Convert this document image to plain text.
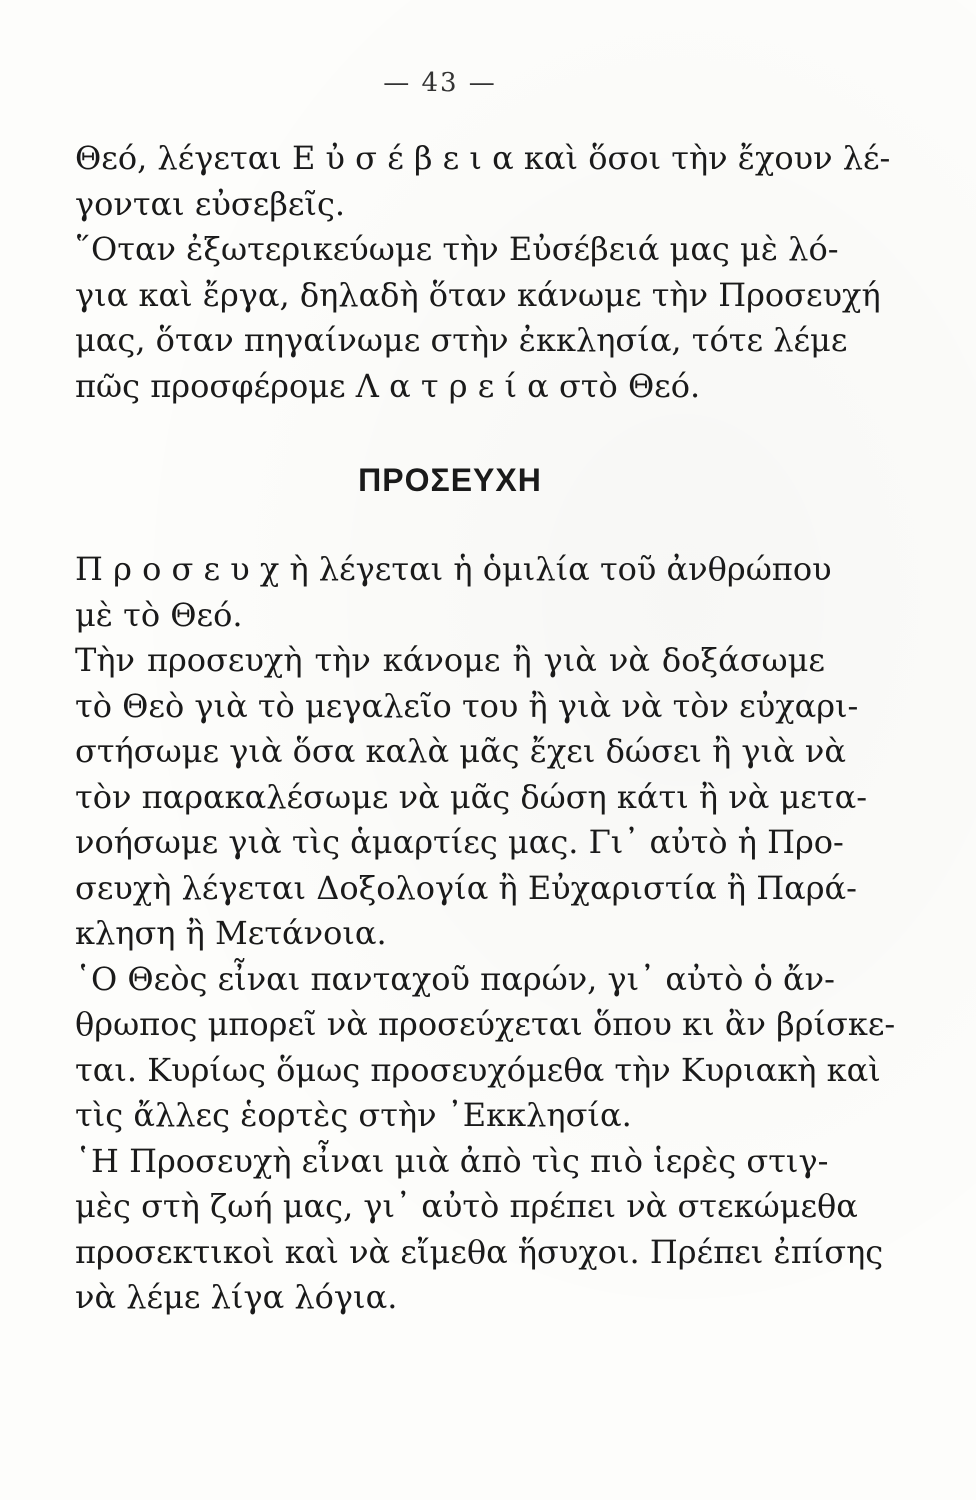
— 43 —
Θεό, λέγεται Ε ὐ σ έ β ε ι α καὶ ὅσοι τὴν ἔχουν λέ-
γονται εὐσεβεῖς.
῞Οταν ἐξωτερικεύωμε τὴν Εὐσέβειά μας μὲ λό-
για καὶ ἔργα, δηλαδὴ ὅταν κάνωμε τὴν Προσευχή
μας, ὅταν πηγαίνωμε στὴν ἐκκλησία, τότε λέμε
πῶς προσφέρομε Λ α τ ρ ε ί α στὸ Θεό.
ΠΡΟΣΕΥΧΗ
Π ρ ο σ ε υ χ ὴ λέγεται ἡ ὁμιλία τοῦ ἀνθρώπου
μὲ τὸ Θεό.
Τὴν προσευχὴ τὴν κάνομε ἢ γιὰ νὰ δοξάσωμε
τὸ Θεὸ γιὰ τὸ μεγαλεῖο του ἢ γιὰ νὰ τὸν εὐχαρι-
στήσωμε γιὰ ὅσα καλὰ μᾶς ἔχει δώσει ἢ γιὰ νὰ
τὸν παρακαλέσωμε νὰ μᾶς δώση κάτι ἢ νὰ μετα-
νοήσωμε γιὰ τὶς ἁμαρτίες μας. Γι᾿ αὐτὸ ἡ Προ-
σευχὴ λέγεται Δοξολογία ἢ Εὐχαριστία ἢ Παρά-
κληση ἢ Μετάνοια.
῾Ο Θεὸς εἶναι πανταχοῦ παρών, γι᾿ αὐτὸ ὁ ἄν-
θρωπος μπορεῖ νὰ προσεύχεται ὅπου κι ἂν βρίσκε-
ται. Κυρίως ὅμως προσευχόμεθα τὴν Κυριακὴ καὶ
τὶς ἄλλες ἑορτὲς στὴν ᾿Εκκλησία.
῾Η Προσευχὴ εἶναι μιὰ ἀπὸ τὶς πιὸ ἱερὲς στιγ-
μὲς στὴ ζωή μας, γι᾿ αὐτὸ πρέπει νὰ στεκώμεθα
προσεκτικοὶ καὶ νὰ εἴμεθα ἥσυχοι. Πρέπει ἐπίσης
νὰ λέμε λίγα λόγια.
